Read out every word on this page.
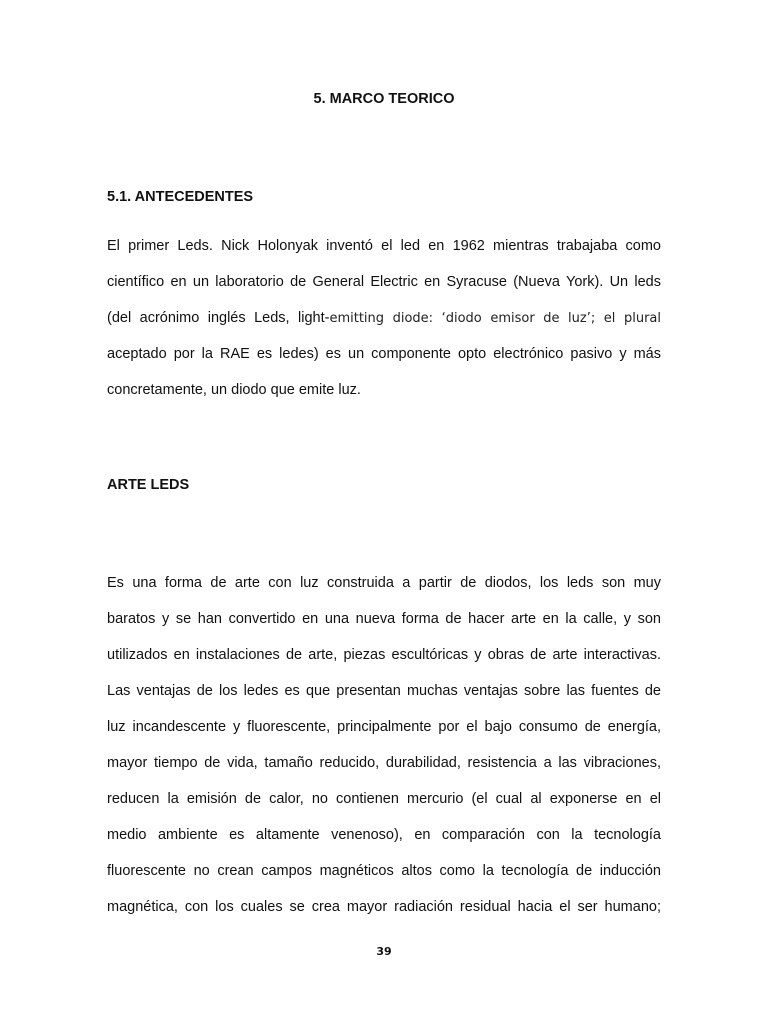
5. MARCO TEORICO
5.1. ANTECEDENTES

El primer Leds. Nick Holonyak inventó el led en 1962 mientras trabajaba como
científico en un laboratorio de General Electric en Syracuse (Nueva York). Un leds
(del acrónimo inglés Leds, light-emitting diode: ‘diodo emisor de luz’; el plural
aceptado por la RAE es ledes) es un componente opto electrónico pasivo y más
concretamente, un diodo que emite luz.

ARTE LEDS

Es una forma de arte con luz construida a partir de diodos, los leds son muy
baratos y se han convertido en una nueva forma de hacer arte en la calle, y son
utilizados en instalaciones de arte, piezas escultóricas y obras de arte interactivas.
Las ventajas de los ledes es que presentan muchas ventajas sobre las fuentes de
luz incandescente y fluorescente, principalmente por el bajo consumo de energía,
mayor tiempo de vida, tamaño reducido, durabilidad, resistencia a las vibraciones,
reducen la emisión de calor, no contienen mercurio (el cual al exponerse en el
medio ambiente es altamente venenoso), en comparación con la tecnología
fluorescente no crean campos magnéticos altos como la tecnología de inducción
magnética, con los cuales se crea mayor radiación residual hacia el ser humano;

39
